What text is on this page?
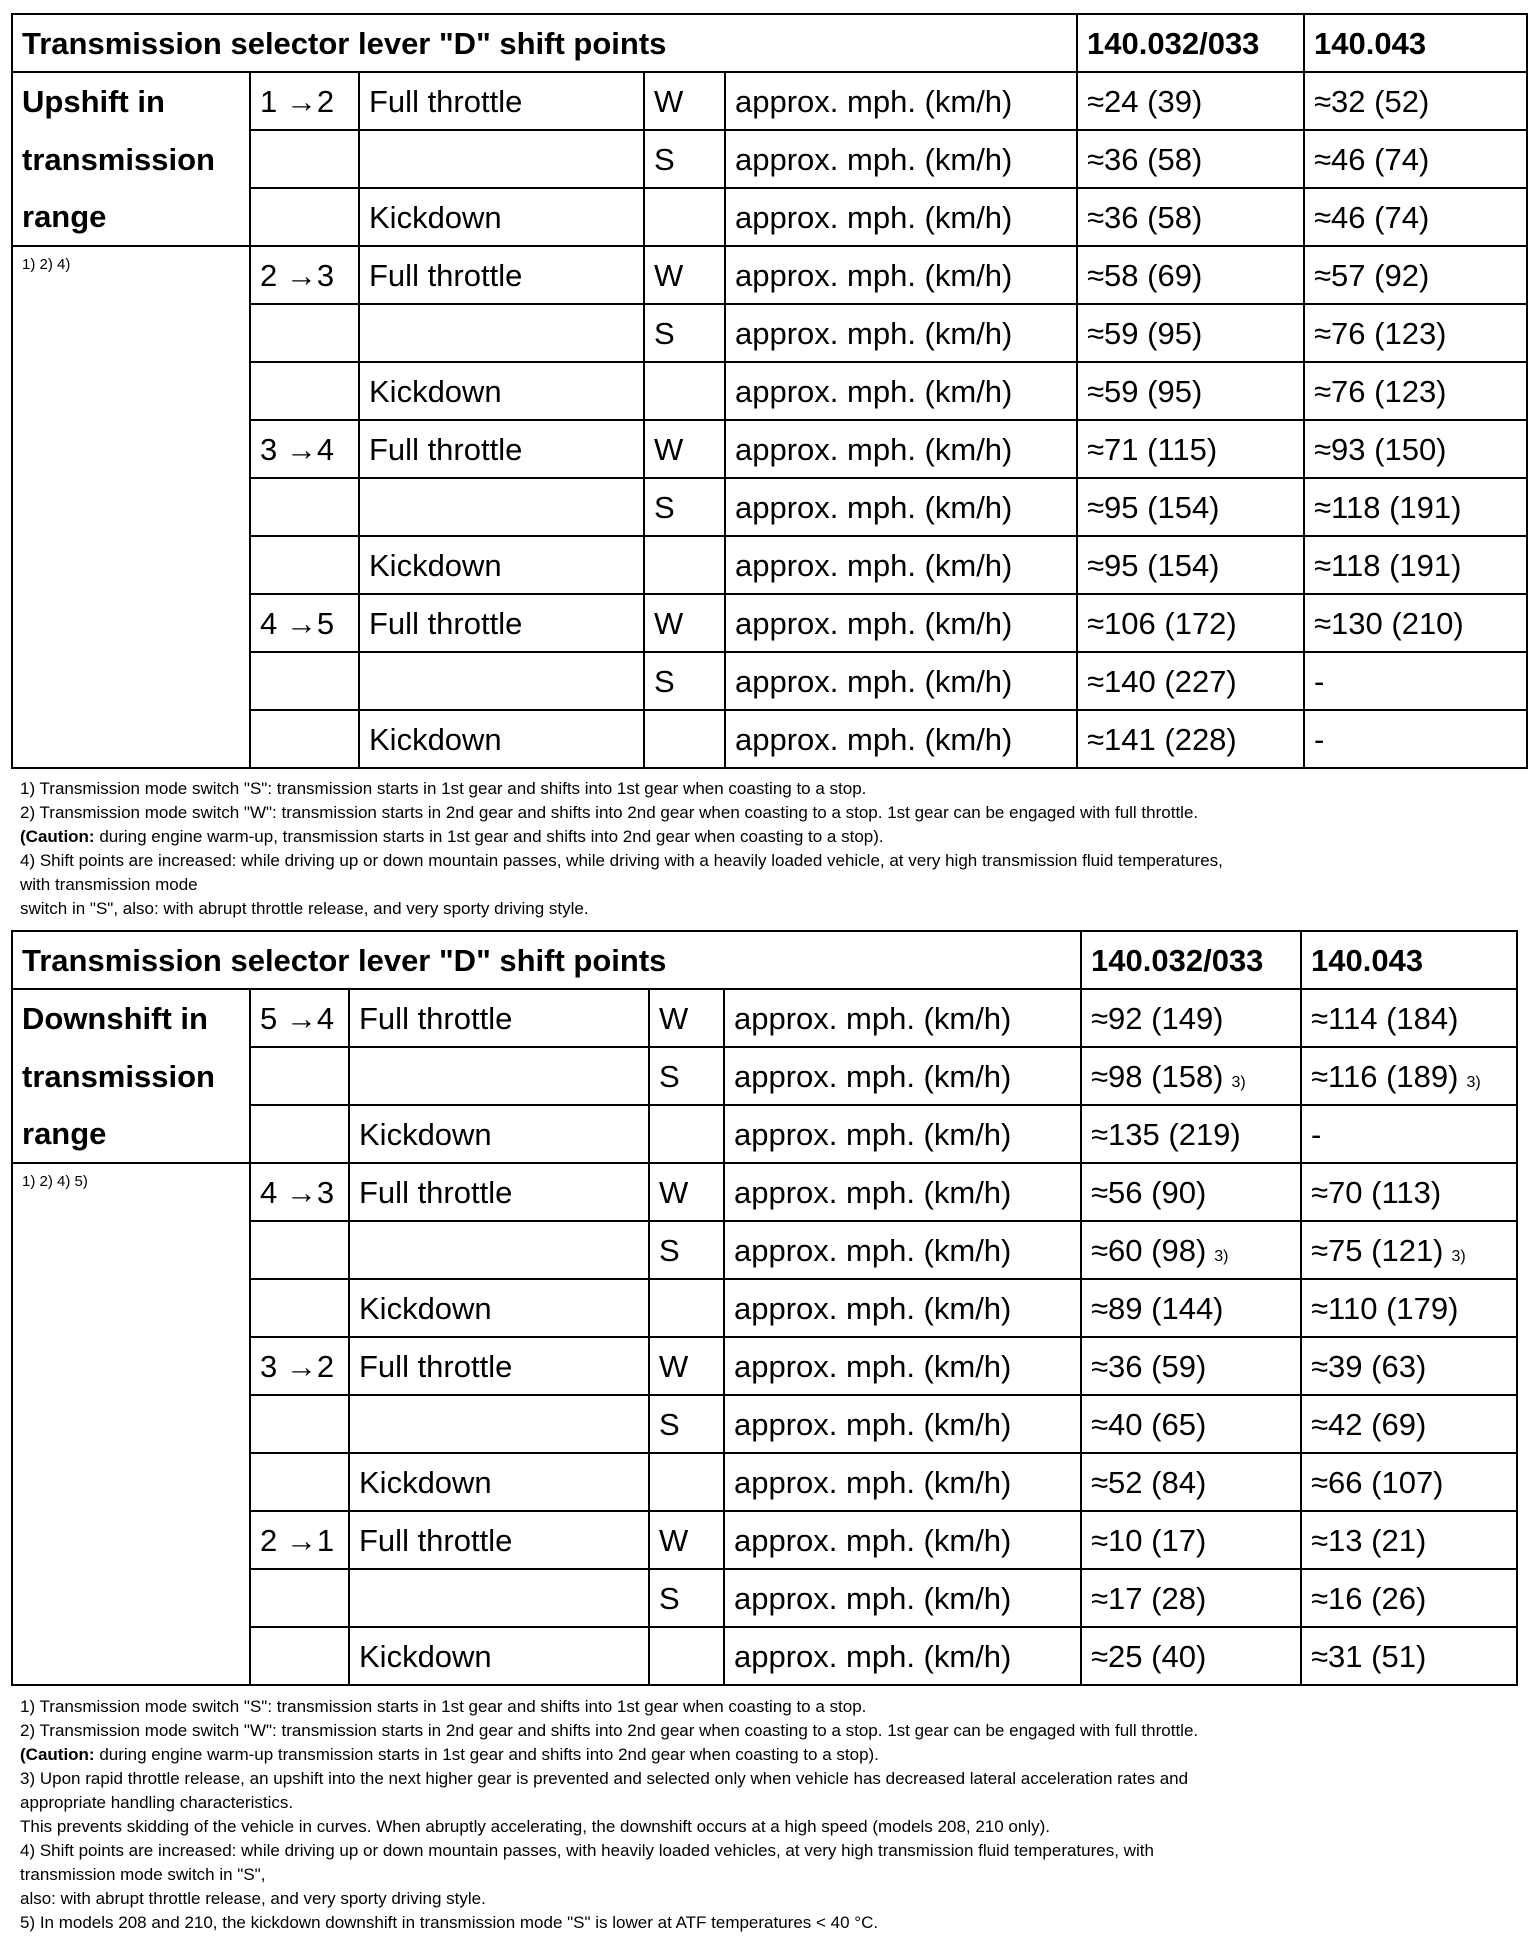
Transmission selector lever "D" shift points					140.032/033	140.043
Upshift in	1 →2	Full throttle	W	approx. mph. (km/h)	≈24 (39)	≈32 (52)
transmission			S	approx. mph. (km/h)	≈36 (58)	≈46 (74)
range		Kickdown		approx. mph. (km/h)	≈36 (58)	≈46 (74)
1) 2) 4)	2 →3	Full throttle	W	approx. mph. (km/h)	≈58 (69)	≈57 (92)
			S	approx. mph. (km/h)	≈59 (95)	≈76 (123)
		Kickdown		approx. mph. (km/h)	≈59 (95)	≈76 (123)
	3 →4	Full throttle	W	approx. mph. (km/h)	≈71 (115)	≈93 (150)
			S	approx. mph. (km/h)	≈95 (154)	≈118 (191)
		Kickdown		approx. mph. (km/h)	≈95 (154)	≈118 (191)
	4 →5	Full throttle	W	approx. mph. (km/h)	≈106 (172)	≈130 (210)
			S	approx. mph. (km/h)	≈140 (227)	-
		Kickdown		approx. mph. (km/h)	≈141 (228)	-

1) Transmission mode switch "S": transmission starts in 1st gear and shifts into 1st gear when coasting to a stop.

2) Transmission mode switch "W": transmission starts in 2nd gear and shifts into 2nd gear when coasting to a stop. 1st gear can be engaged with full throttle.

(Caution: during engine warm-up, transmission starts in 1st gear and shifts into 2nd gear when coasting to a stop).

4) Shift points are increased: while driving up or down mountain passes, while driving with a heavily loaded vehicle, at very high transmission fluid temperatures,

with transmission mode

switch in "S", also: with abrupt throttle release, and very sporty driving style.

Transmission selector lever "D" shift points					140.032/033	140.043
Downshift in	5 →4	Full throttle	W	approx. mph. (km/h)	≈92 (149)	≈114 (184)
transmission			S	approx. mph. (km/h)	≈98 (158) 3)	≈116 (189) 3)
range		Kickdown		approx. mph. (km/h)	≈135 (219)	-
1) 2) 4) 5)	4 →3	Full throttle	W	approx. mph. (km/h)	≈56 (90)	≈70 (113)
			S	approx. mph. (km/h)	≈60 (98) 3)	≈75 (121) 3)
		Kickdown		approx. mph. (km/h)	≈89 (144)	≈110 (179)
	3 →2	Full throttle	W	approx. mph. (km/h)	≈36 (59)	≈39 (63)
			S	approx. mph. (km/h)	≈40 (65)	≈42 (69)
		Kickdown		approx. mph. (km/h)	≈52 (84)	≈66 (107)
	2 →1	Full throttle	W	approx. mph. (km/h)	≈10 (17)	≈13 (21)
			S	approx. mph. (km/h)	≈17 (28)	≈16 (26)
		Kickdown		approx. mph. (km/h)	≈25 (40)	≈31 (51)

1) Transmission mode switch "S": transmission starts in 1st gear and shifts into 1st gear when coasting to a stop.

2) Transmission mode switch "W": transmission starts in 2nd gear and shifts into 2nd gear when coasting to a stop. 1st gear can be engaged with full throttle.

(Caution: during engine warm-up transmission starts in 1st gear and shifts into 2nd gear when coasting to a stop).

3) Upon rapid throttle release, an upshift into the next higher gear is prevented and selected only when vehicle has decreased lateral acceleration rates and

appropriate handling characteristics.

This prevents skidding of the vehicle in curves. When abruptly accelerating, the downshift occurs at a high speed (models 208, 210 only).

4) Shift points are increased: while driving up or down mountain passes, with heavily loaded vehicles, at very high transmission fluid temperatures, with

transmission mode switch in "S",

also: with abrupt throttle release, and very sporty driving style.

5) In models 208 and 210, the kickdown downshift in transmission mode "S" is lower at ATF temperatures < 40 °C.
